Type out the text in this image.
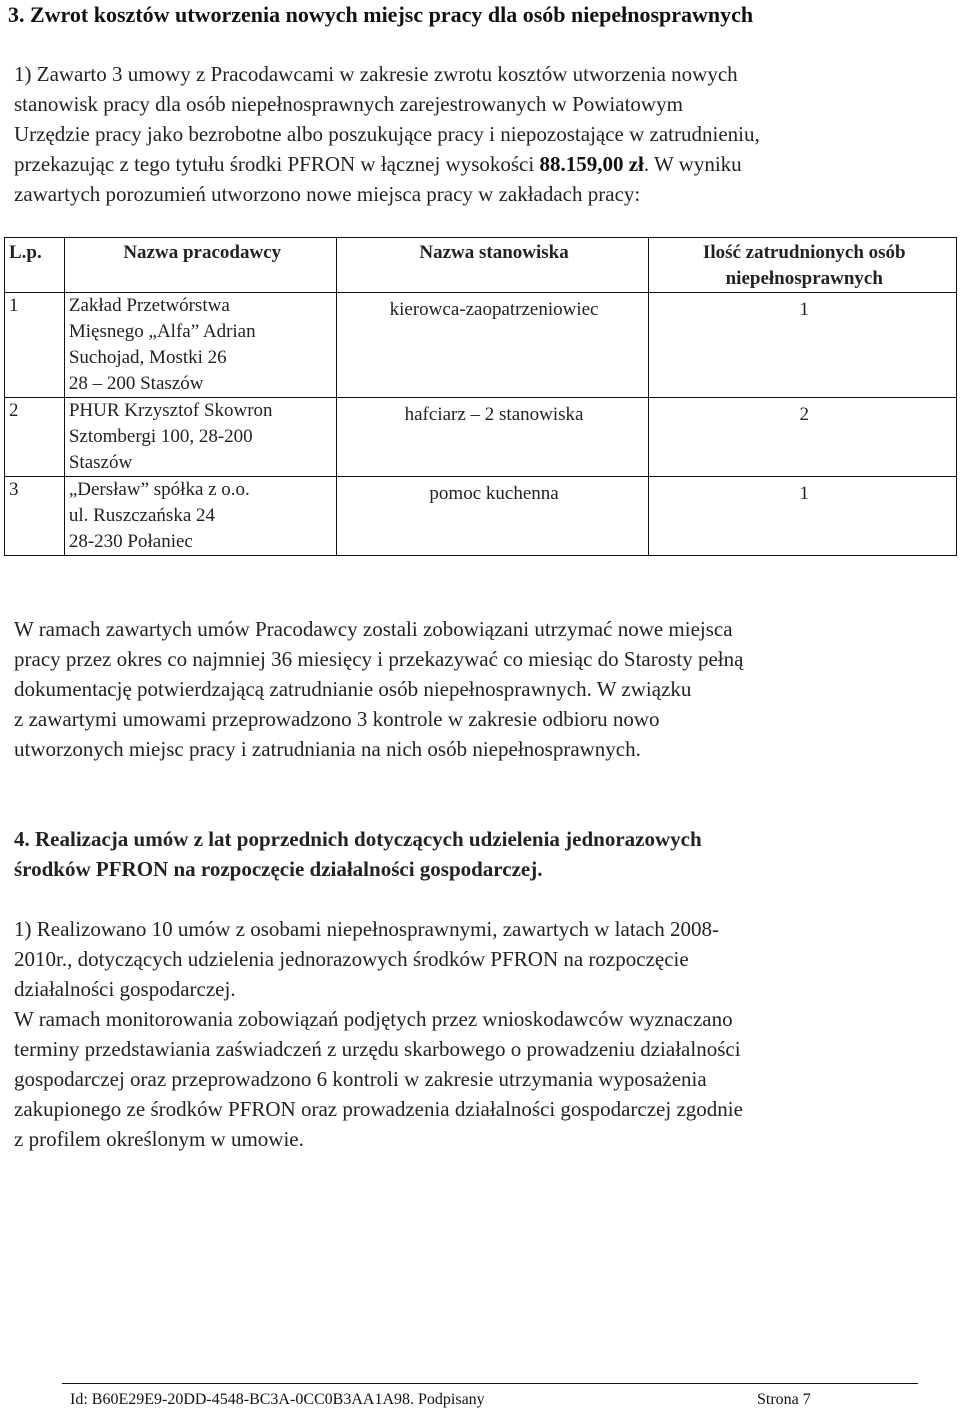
3. Zwrot kosztów utworzenia nowych miejsc pracy dla osób niepełnosprawnych
1) Zawarto 3 umowy z Pracodawcami w zakresie zwrotu kosztów utworzenia nowych
stanowisk pracy dla osób niepełnosprawnych zarejestrowanych w Powiatowym
Urzędzie pracy jako bezrobotne albo poszukujące pracy i niepozostające w zatrudnieniu,
przekazując z tego tytułu środki PFRON w łącznej wysokości 88.159,00 zł. W wyniku
zawartych porozumień utworzono nowe miejsca pracy w zakładach pracy:
L.p.	Nazwa pracodawcy	Nazwa stanowiska	Ilość zatrudnionych osób niepełnosprawnych
1	Zakład Przetwórstwa
Mięsnego „Alfa” Adrian
Suchojad, Mostki 26
28 – 200 Staszów	kierowca-zaopatrzeniowiec	1
2	PHUR Krzysztof Skowron
Sztombergi 100, 28-200
Staszów	hafciarz – 2 stanowiska	2
3	„Dersław” spółka z o.o.
ul. Ruszczańska 24
28-230 Połaniec	pomoc kuchenna	1
W ramach zawartych umów Pracodawcy zostali zobowiązani utrzymać nowe miejsca
pracy przez okres co najmniej 36 miesięcy i przekazywać co miesiąc do Starosty pełną
dokumentację potwierdzającą zatrudnianie osób niepełnosprawnych. W związku
z zawartymi umowami przeprowadzono 3 kontrole w zakresie odbioru nowo
utworzonych miejsc pracy i zatrudniania na nich osób niepełnosprawnych.
4. Realizacja umów z lat poprzednich dotyczących udzielenia jednorazowych
środków PFRON na rozpoczęcie działalności gospodarczej.
1) Realizowano 10 umów z osobami niepełnosprawnymi, zawartych w latach 2008-
2010r., dotyczących udzielenia jednorazowych środków PFRON na rozpoczęcie
działalności gospodarczej.
W ramach monitorowania zobowiązań podjętych przez wnioskodawców wyznaczano
terminy przedstawiania zaświadczeń z urzędu skarbowego o prowadzeniu działalności
gospodarczej oraz przeprowadzono 6 kontroli w zakresie utrzymania wyposażenia
zakupionego ze środków PFRON oraz prowadzenia działalności gospodarczej zgodnie
z profilem określonym w umowie.
Id: B60E29E9-20DD-4548-BC3A-0CC0B3AA1A98. Podpisany	Strona 7
